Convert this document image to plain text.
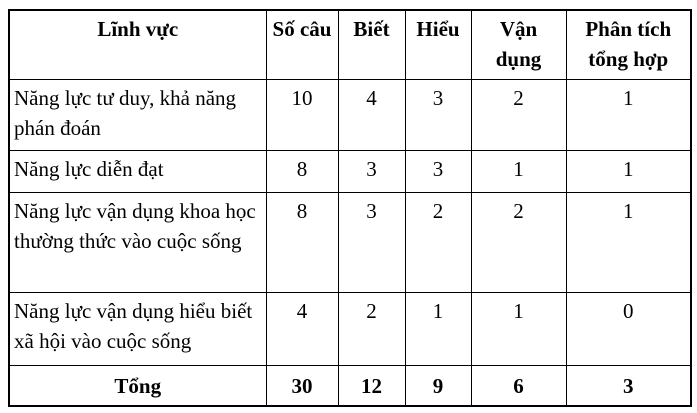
Lĩnh vực	Số câu	Biết	Hiểu	Vận dụng	Phân tích tổng hợp
Năng lực tư duy, khả năng phán đoán	10	4	3	2	1
Năng lực diễn đạt	8	3	3	1	1
Năng lực vận dụng khoa học thường thức vào cuộc sống	8	3	2	2	1
Năng lực vận dụng hiểu biết xã hội vào cuộc sống	4	2	1	1	0
Tổng	30	12	9	6	3
